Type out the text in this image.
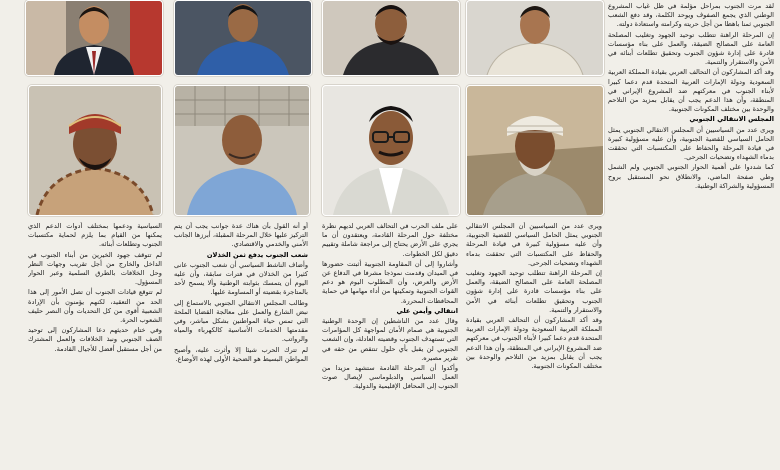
لقد مرت الجنوب بمراحل مؤلمة في ظل غياب المشروع الوطني الذي يجمع الصفوف ويوحد الكلمة، وقد دفع الشعب الجنوبي ثمنا باهظا من أجل حريته وكرامته واستعادة دولته.

إن المرحلة الراهنة تتطلب توحيد الجهود وتغليب المصلحة العامة على المصالح الضيقة، والعمل على بناء مؤسسات قادرة على إدارة شؤون الجنوب وتحقيق تطلعات أبنائه في الأمن والاستقرار والتنمية.

وقد أكد المشاركون أن التحالف العربي بقيادة المملكة العربية السعودية ودولة الإمارات العربية المتحدة قدم دعما كبيرا لأبناء الجنوب في معركتهم ضد المشروع الإيراني في المنطقة، وأن هذا الدعم يجب أن يقابل بمزيد من التلاحم والوحدة بين مختلف المكونات الجنوبية.

المجلس الانتقالي الجنوبي

ويرى عدد من السياسيين أن المجلس الانتقالي الجنوبي يمثل الحامل السياسي للقضية الجنوبية، وأن عليه مسؤولية كبيرة في قيادة المرحلة والحفاظ على المكتسبات التي تحققت بدماء الشهداء وتضحيات الجرحى.

كما شددوا على أهمية الحوار الجنوبي الجنوبي ولم الشمل وطي صفحة الماضي، والانطلاق نحو المستقبل بروح المسؤولية والشراكة الوطنية.

على ملف الحرب في التحالف العربي لديهم نظرة مختلفة حول المرحلة القادمة، ويعتقدون أن ما يجري على الأرض يحتاج إلى مراجعة شاملة وتقييم دقيق لكل الخطوات.

وأشاروا إلى أن المقاومة الجنوبية أثبتت حضورها في الميدان وقدمت نموذجا مشرفا في الدفاع عن الأرض والعرض، وأن المطلوب اليوم هو دعم القوات الجنوبية وتمكينها من أداء مهامها في حماية المحافظات المحررة.

انتقالي وأيمن علي

وقال عدد من الناشطين إن الوحدة الوطنية الجنوبية هي صمام الأمان لمواجهة كل المؤامرات التي تستهدف الجنوب وقضيته العادلة، وإن الشعب الجنوبي لن يقبل بأي حلول تنتقص من حقه في تقرير مصيره.

وأكدوا أن المرحلة القادمة ستشهد مزيدا من العمل السياسي والدبلوماسي لإيصال صوت الجنوب إلى المحافل الإقليمية والدولية.

ويرى عدد من السياسيين أن المجلس الانتقالي الجنوبي يمثل الحامل السياسي للقضية الجنوبية، وأن عليه مسؤولية كبيرة في قيادة المرحلة والحفاظ على المكتسبات التي تحققت بدماء الشهداء وتضحيات الجرحى.

إن المرحلة الراهنة تتطلب توحيد الجهود وتغليب المصلحة العامة على المصالح الضيقة، والعمل على بناء مؤسسات قادرة على إدارة شؤون الجنوب وتحقيق تطلعات أبنائه في الأمن والاستقرار والتنمية.

وقد أكد المشاركون أن التحالف العربي بقيادة المملكة العربية السعودية ودولة الإمارات العربية المتحدة قدم دعما كبيرا لأبناء الجنوب في معركتهم ضد المشروع الإيراني في المنطقة، وأن هذا الدعم يجب أن يقابل بمزيد من التلاحم والوحدة بين مختلف المكونات الجنوبية.

أو أنه القول بأن هناك عدة جوانب يجب أن يتم التركيز عليها خلال المرحلة المقبلة، أبرزها الجانب الأمني والخدمي والاقتصادي.

شعب الجنوب يدفع ثمن الخذلان

وأضاف الناشط السياسي أن شعب الجنوب عانى كثيرا من الخذلان في فترات سابقة، وأن عليه اليوم أن يتمسك بثوابته الوطنية وألا يسمح لأحد بالمتاجرة بقضيته أو المساومة عليها.

وطالب المجلس الانتقالي الجنوبي بالاستماع إلى نبض الشارع والعمل على معالجة القضايا الملحة التي تمس حياة المواطنين بشكل مباشر، وفي مقدمتها الخدمات الأساسية كالكهرباء والمياه والرواتب.

لم تترك الحرب شيئا إلا وأثرت عليه، وأصبح المواطن البسيط هو الضحية الأولى لهذه الأوضاع.

السياسية ودعمها بمختلف أدوات الدعم الذي يمكنها من القيام بما يلزم لحماية مكتسبات الجنوب وتطلعات أبنائه.

لم تتوقف جهود الخيرين من أبناء الجنوب في الداخل والخارج من أجل تقريب وجهات النظر وحل الخلافات بالطرق السلمية وعبر الحوار المسؤول.

لم تتوقع قيادات الجنوب أن تصل الأمور إلى هذا الحد من التعقيد، لكنهم يؤمنون بأن الإرادة الشعبية أقوى من كل التحديات وأن النصر حليف الشعوب الحرة.

وفي ختام حديثهم دعا المشاركون إلى توحيد الصف الجنوبي ونبذ الخلافات والعمل المشترك من أجل مستقبل أفضل للأجيال القادمة.
